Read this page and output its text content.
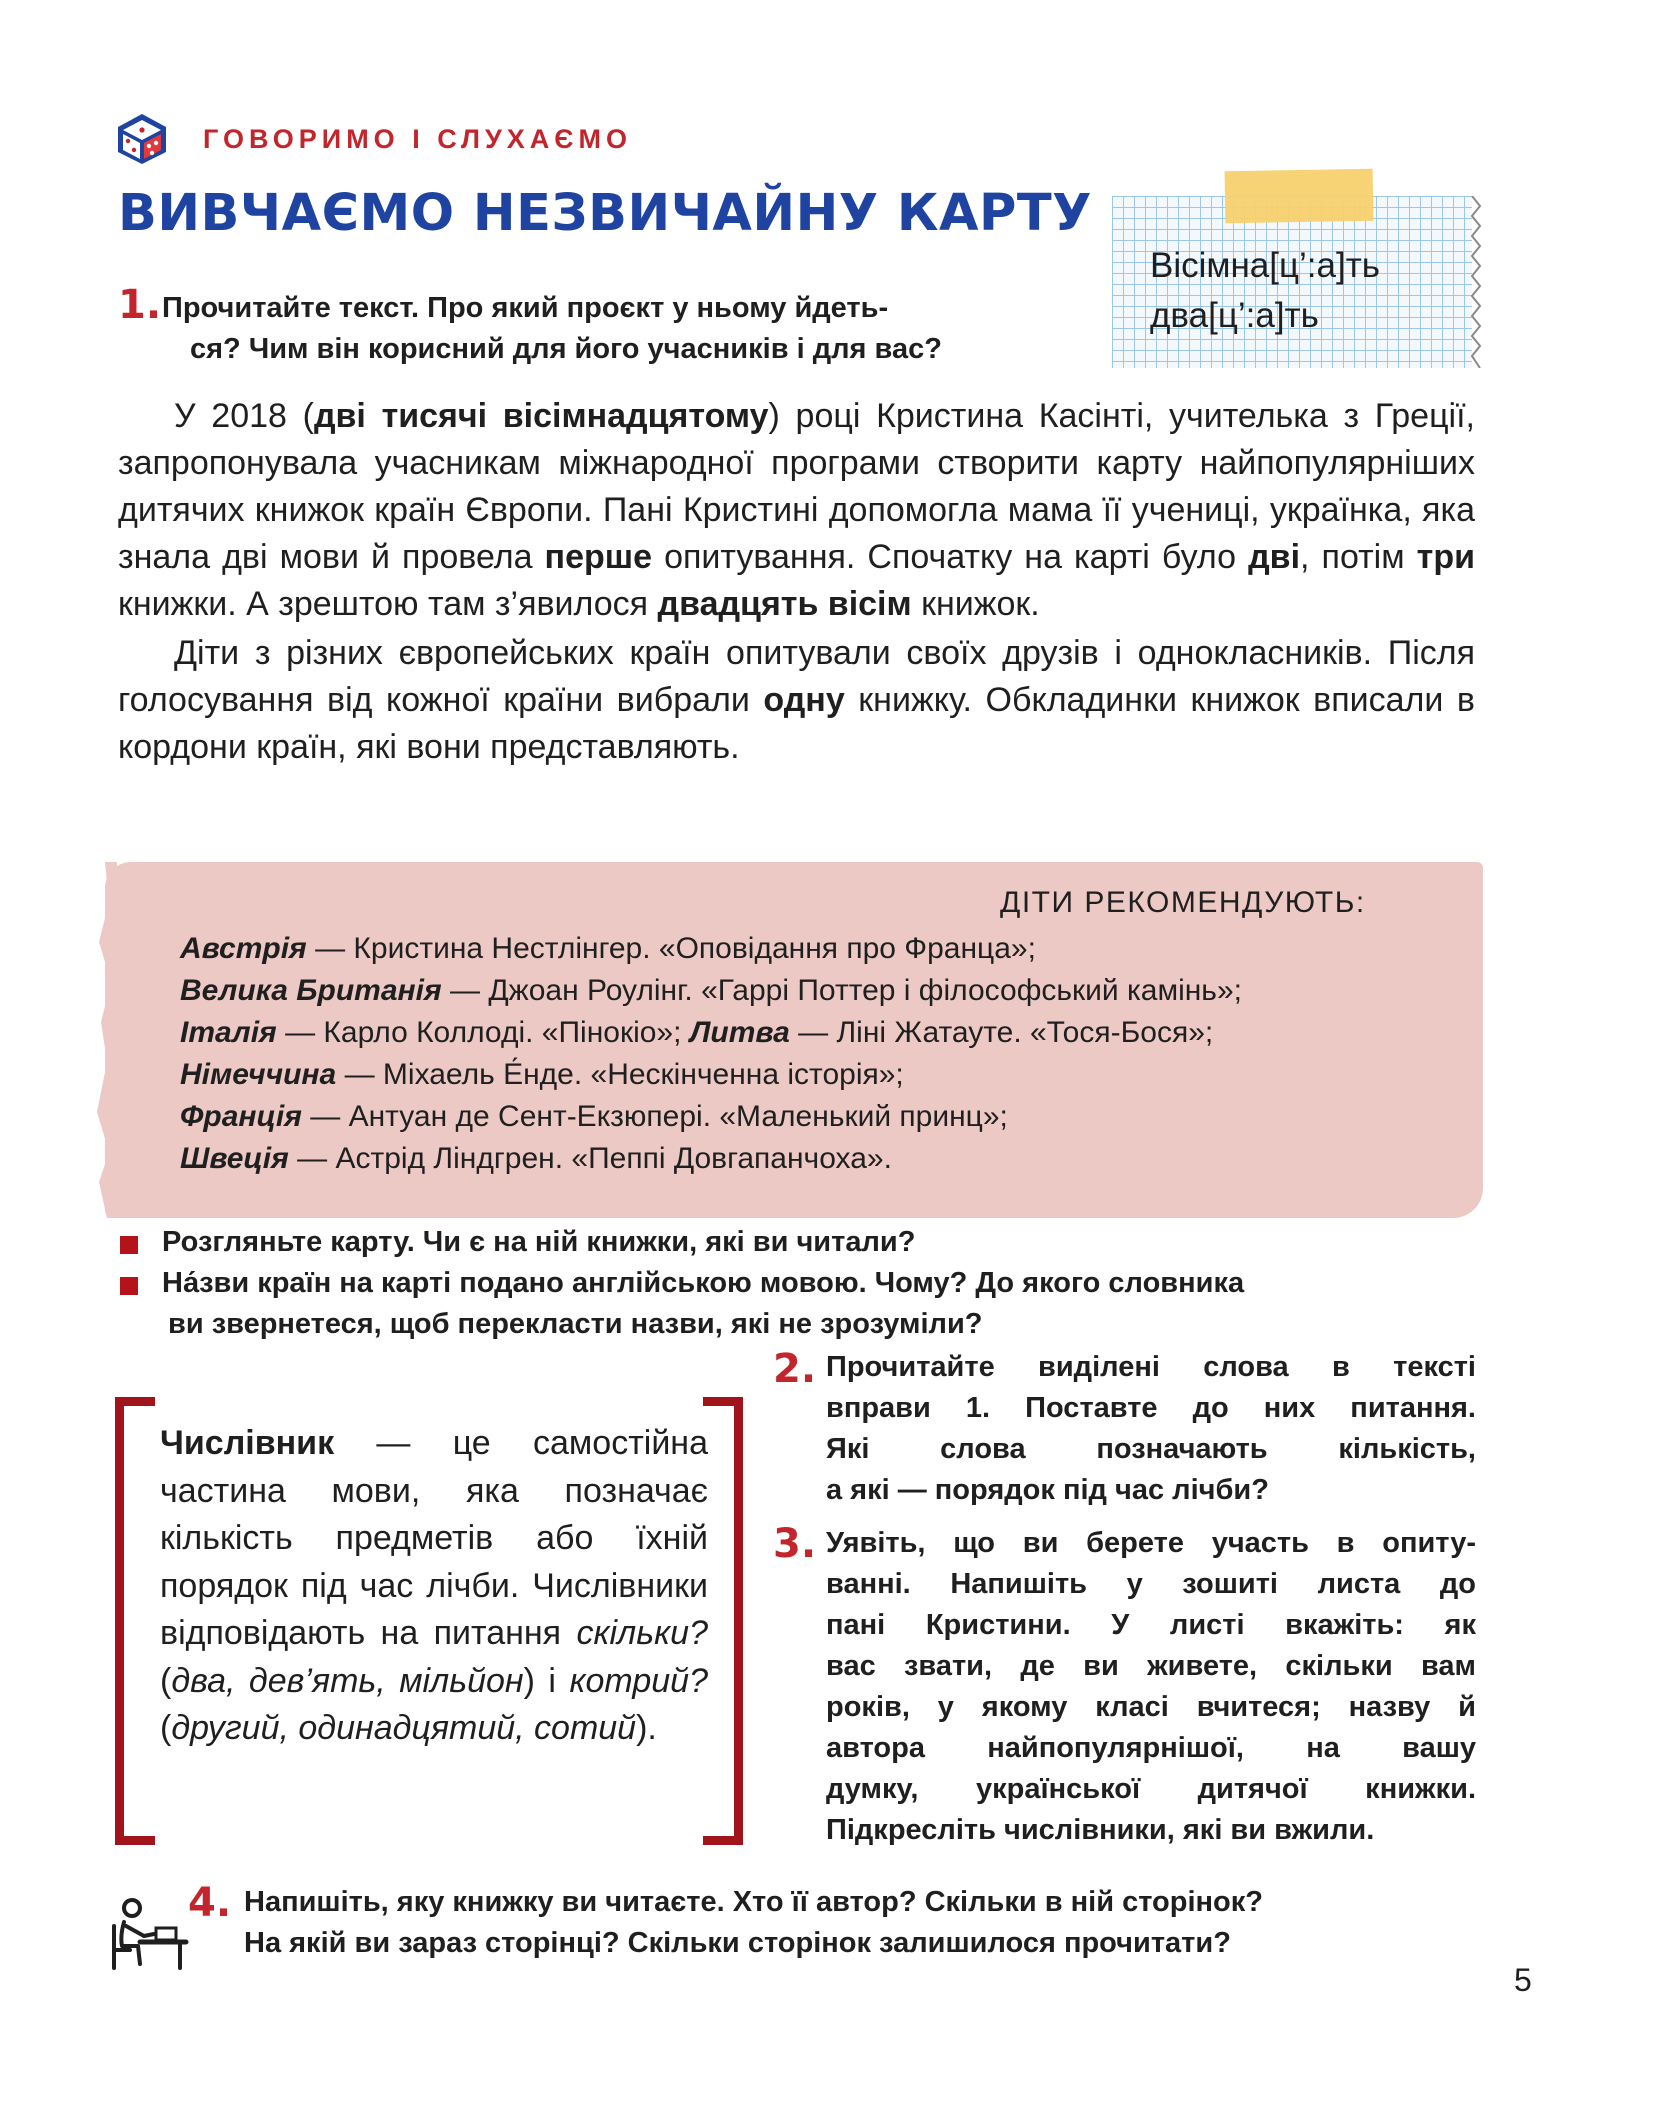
ГОВОРИМО І СЛУХАЄМО
ВИВЧАЄМО НЕЗВИЧАЙНУ КАРТУ
Вісімна[ц’:а]ть
два[ц’:а]ть
1. Прочитайте текст. Про який проєкт у ньому йдеть-
ся? Чим він корисний для його учасників і для вас?

У 2018 (дві тисячі вісімнадцятому) році Кристина Касінті, учителька з Греції, запропонувала учасникам міжнародної програми створити карту найпопулярніших дитячих книжок країн Європи. Пані Кристині допомогла мама її учениці, українка, яка знала дві мови й провела перше опитування. Спочатку на карті було дві, потім три книжки. А зрештою там з’явилося двадцять вісім книжок.

Діти з різних європейських країн опитували своїх друзів і однокласників. Після голосування від кожної країни вибрали одну книжку. Обкладинки книжок вписали в кордони країн, які вони представляють.

ДІТИ РЕКОМЕНДУЮТЬ:
Австрія — Кристина Нестлінгер. «Оповідання про Франца»;
Велика Британія — Джоан Роулінг. «Гаррі Поттер і філософський камінь»;
Італія — Карло Коллоді. «Пінокіо»; Литва — Ліні Жатауте. «Тося-Бося»;
Німеччина — Міхаель Е́нде. «Нескінченна історія»;
Франція — Антуан де Сент-Екзюпері. «Маленький принц»;
Швеція — Астрід Ліндгрен. «Пеппі Довгапанчоха».
Розгляньте карту. Чи є на ній книжки, які ви читали?
На́зви країн на карті подано англійською мовою. Чому? До якого словника
ви звернетеся, щоб перекласти назви, які не зрозуміли?
Числівник — це самостійна частина мови, яка позначає кількість предметів або їхній порядок під час лічби. Числівники відповідають на питання скільки? (два, дев’ять, мільйон) і котрий? (другий, одинадцятий, сотий).
2. Прочитайте виділені слова в тексті
вправи 1. Поставте до них питання.
Які слова позначають кількість,
а які — порядок під час лічби?
3. Уявіть, що ви берете участь в опиту-
ванні. Напишіть у зошиті листа до
пані Кристини. У листі вкажіть: як
вас звати, де ви живете, скільки вам
років, у якому класі вчитеся; назву й
автора найпопулярнішої, на вашу
думку, української дитячої книжки.
Підкресліть числівники, які ви вжили.
4. Напишіть, яку книжку ви читаєте. Хто її автор? Скільки в ній сторінок?
На якій ви зараз сторінці? Скільки сторінок залишилося прочитати?
5
